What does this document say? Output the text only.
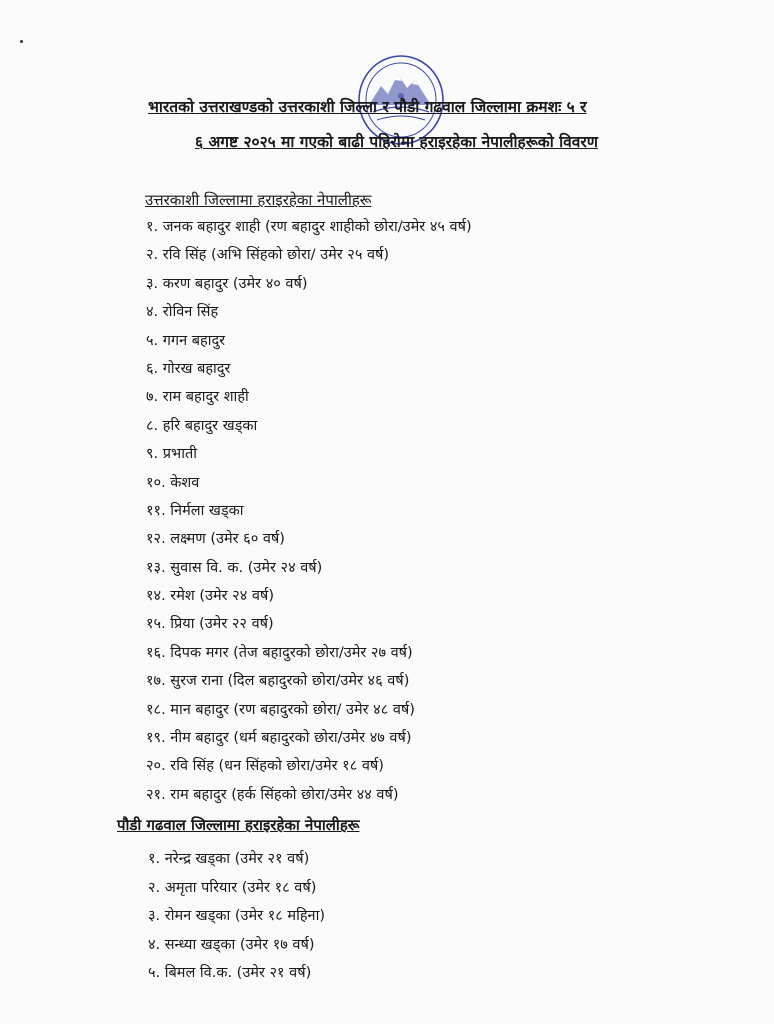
भारतको उत्तराखण्डको उत्तरकाशी जिल्ला र पौडी गढवाल जिल्लामा क्रमशः ५ र
६ अगष्ट २०२५ मा गएको बाढी पहिरोमा हराइरहेका नेपालीहरूको विवरण
उत्तरकाशी जिल्लामा हराइरहेका नेपालीहरू
१. जनक बहादुर शाही (रण बहादुर शाहीको छोरा/उमेर ४५ वर्ष)
२. रवि सिंह (अभि सिंहको छोरा/ उमेर २५ वर्ष)
३. करण बहादुर (उमेर ४० वर्ष)
४. रोविन सिंह
५. गगन बहादुर
६. गोरख बहादुर
७. राम बहादुर शाही
८. हरि बहादुर खड्का
९. प्रभाती
१०. केशव
११. निर्मला खड्का
१२. लक्ष्मण (उमेर ६० वर्ष)
१३. सुवास वि. क. (उमेर २४ वर्ष)
१४. रमेश (उमेर २४ वर्ष)
१५. प्रिया (उमेर २२ वर्ष)
१६. दिपक मगर (तेज बहादुरको छोरा/उमेर २७ वर्ष)
१७. सुरज राना (दिल बहादुरको छोरा/उमेर ४६ वर्ष)
१८. मान बहादुर (रण बहादुरको छोरा/ उमेर ४८ वर्ष)
१९. नीम बहादुर (धर्म बहादुरको छोरा/उमेर ४७ वर्ष)
२०. रवि सिंह (धन सिंहको छोरा/उमेर १८ वर्ष)
२१. राम बहादुर (हर्क सिंहको छोरा/उमेर ४४ वर्ष)
पौडी गढवाल जिल्लामा हराइरहेका नेपालीहरू
१. नरेन्द्र खड्का (उमेर २१ वर्ष)
२. अमृता परियार (उमेर १८ वर्ष)
३. रोमन खड्का (उमेर १८ महिना)
४. सन्ध्या खड्का (उमेर १७ वर्ष)
५. बिमल वि.क. (उमेर २१ वर्ष)
